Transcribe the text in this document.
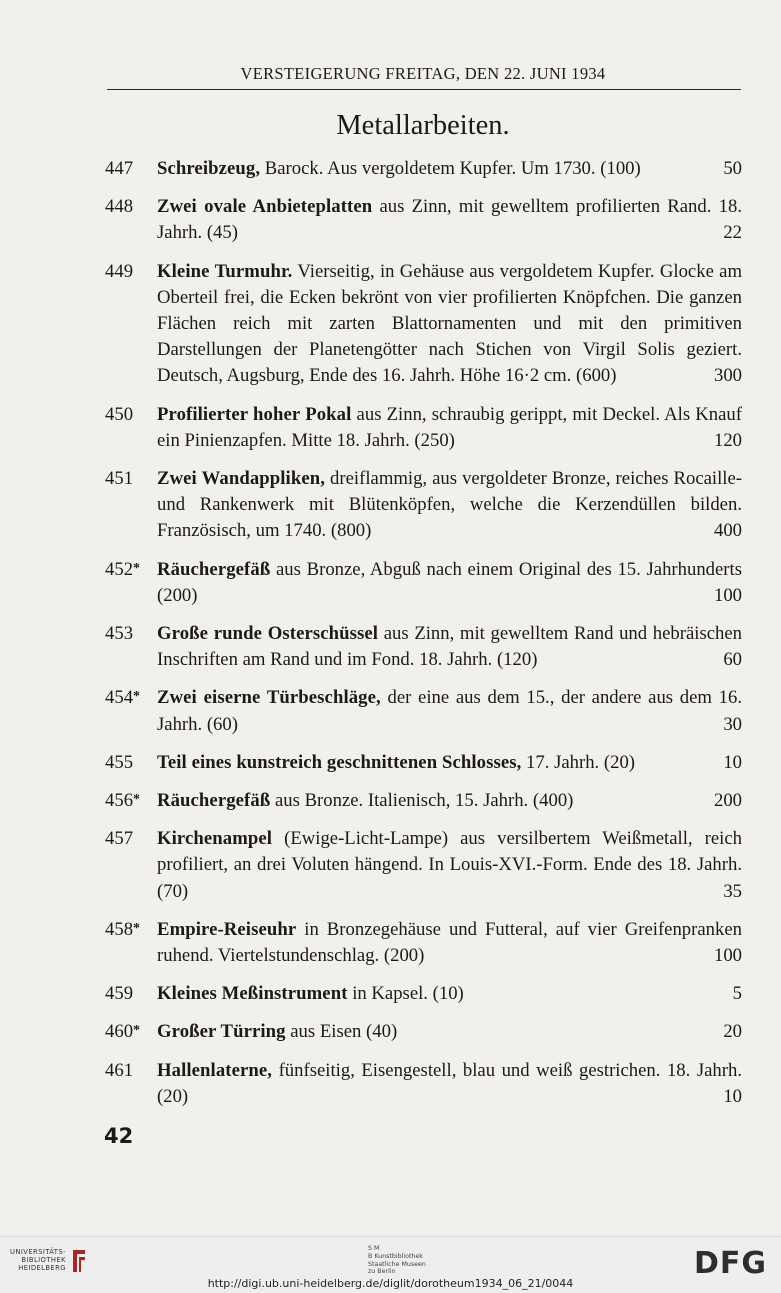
VERSTEIGERUNG FREITAG, DEN 22. JUNI 1934
Metallarbeiten.
447	Schreibzeug, Barock. Aus vergoldetem Kupfer. Um 1730. (100)	50
448	Zwei ovale Anbieteplatten aus Zinn, mit gewelltem profilierten Rand. 18. Jahrh. (45)	22
449	Kleine Turmuhr. Vierseitig, in Gehäuse aus vergoldetem Kupfer. Glocke am Oberteil frei, die Ecken bekrönt von vier profilierten Knöpfchen. Die ganzen Flächen reich mit zarten Blattornamenten und mit den primitiven Darstellungen der Planetengötter nach Stichen von Virgil Solis geziert. Deutsch, Augsburg, Ende des 16. Jahrh. Höhe 16·2 cm. (600)	300
450	Profilierter hoher Pokal aus Zinn, schraubig gerippt, mit Deckel. Als Knauf ein Pinienzapfen. Mitte 18. Jahrh. (250)	120
451	Zwei Wandappliken, dreiflammig, aus vergoldeter Bronze, reiches Rocaille- und Rankenwerk mit Blütenköpfen, welche die Kerzendüllen bilden. Französisch, um 1740. (800)	400
452* Räuchergefäß aus Bronze, Abguß nach einem Original des 15. Jahrhunderts (200)	100
453	Große runde Osterschüssel aus Zinn, mit gewelltem Rand und hebräischen Inschriften am Rand und im Fond. 18. Jahrh. (120)	60
454* Zwei eiserne Türbeschläge, der eine aus dem 15., der andere aus dem 16. Jahrh. (60)	30
455	Teil eines kunstreich geschnittenen Schlosses, 17. Jahrh. (20)	10
456* Räuchergefäß aus Bronze. Italienisch, 15. Jahrh. (400)	200
457	Kirchenampel (Ewige-Licht-Lampe) aus versilbertem Weißmetall, reich profiliert, an drei Voluten hängend. In Louis-XVI.-Form. Ende des 18. Jahrh. (70)	35
458* Empire-Reiseuhr in Bronzegehäuse und Futteral, auf vier Greifenpranken ruhend. Viertelstundenschlag. (200)	100
459	Kleines Meßinstrument in Kapsel. (10)	5
460* Großer Türring aus Eisen (40)	20
461	Hallenlaterne, fünfseitig, Eisengestell, blau und weiß gestrichen. 18. Jahrh. (20)	10
42
UNIVERSITÄTS-
BIBLIOTHEK
HEIDELBERG
S M
B Kunstbibliothek
Staatliche Museen
zu Berlin	DFG
http://digi.ub.uni-heidelberg.de/diglit/dorotheum1934_06_21/0044
